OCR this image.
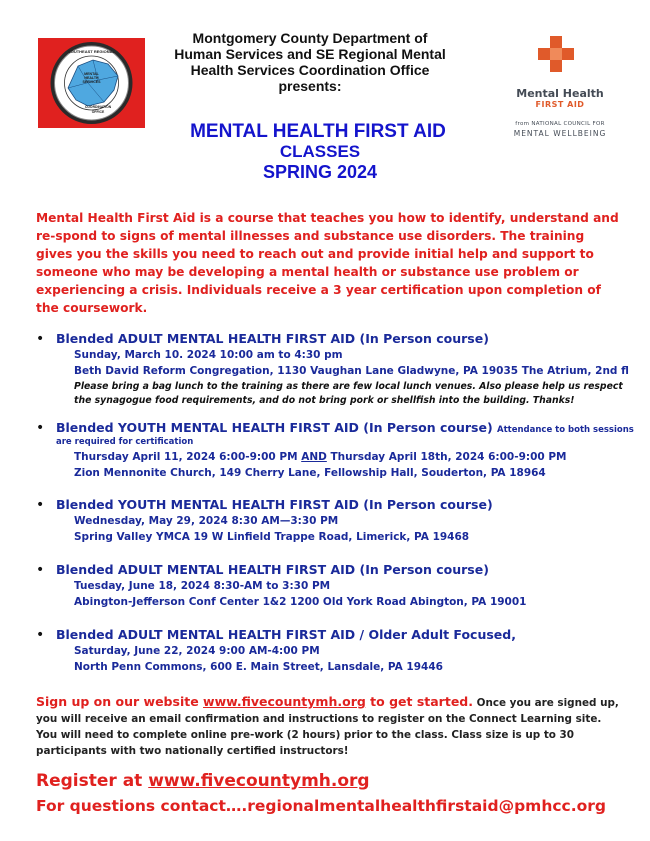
SOUTHEAST REGIONAL
MENTAL
HEALTH
SERVICES
COORDINATION
OFFICE
Montgomery County Department of
Human Services and SE Regional Mental
Health Services Coordination Office
presents:	Mental Health
FIRST AID
from NATIONAL COUNCIL FOR
MENTAL WELLBEING
MENTAL HEALTH FIRST AID
CLASSES
SPRING 2024
Mental Health First Aid is a course that teaches you how to identify, understand and re-spond to signs of mental illnesses and substance use disorders. The training gives you the skills you need to reach out and provide initial help and support to someone who may be developing a mental health or substance use problem or experiencing a crisis. Individuals receive a 3 year certification upon completion of the coursework.
• Blended ADULT MENTAL HEALTH FIRST AID (In Person course)
Sunday, March 10. 2024 10:00 am to 4:30 pm
Beth David Reform Congregation, 1130 Vaughan Lane Gladwyne, PA 19035 The Atrium, 2nd fl
Please bring a bag lunch to the training as there are few local lunch venues. Also please help us respect
the synagogue food requirements, and do not bring pork or shellfish into the building. Thanks!
• Blended YOUTH MENTAL HEALTH FIRST AID (In Person course) Attendance to both sessions
are required for certification
Thursday April 11, 2024 6:00-9:00 PM AND Thursday April 18th, 2024 6:00-9:00 PM
Zion Mennonite Church, 149 Cherry Lane, Fellowship Hall, Souderton, PA 18964
• Blended YOUTH MENTAL HEALTH FIRST AID (In Person course)
Wednesday, May 29, 2024 8:30 AM—3:30 PM
Spring Valley YMCA 19 W Linfield Trappe Road, Limerick, PA 19468
• Blended ADULT MENTAL HEALTH FIRST AID (In Person course)
Tuesday, June 18, 2024 8:30-AM to 3:30 PM
Abington-Jefferson Conf Center 1&2 1200 Old York Road Abington, PA 19001
• Blended ADULT MENTAL HEALTH FIRST AID / Older Adult Focused,
Saturday, June 22, 2024 9:00 AM-4:00 PM
North Penn Commons, 600 E. Main Street, Lansdale, PA 19446
Sign up on our website www.fivecountymh.org to get started. Once you are signed up, you will receive an email confirmation and instructions to register on the Connect Learning site. You will need to complete online pre-work (2 hours) prior to the class. Class size is up to 30 participants with two nationally certified instructors!
Register at www.fivecountymh.org
For questions contact….regionalmentalhealthfirstaid@pmhcc.org
